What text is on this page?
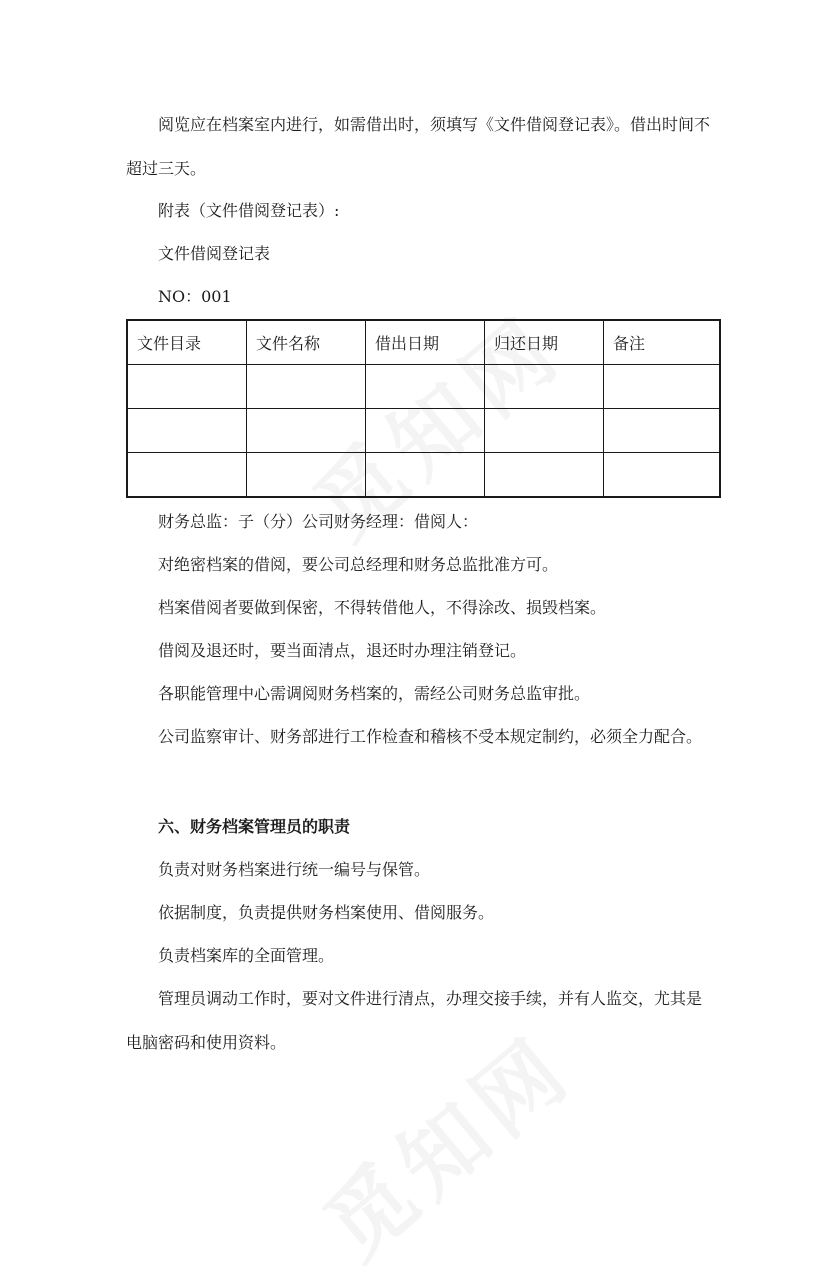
阅览应在档案室内进行，如需借出时，须填写《文件借阅登记表》。借出时间不超过三天。

附表（文件借阅登记表）:

文件借阅登记表

NO：001

文件目录	文件名称	借出日期	归还日期	备注

财务总监：子（分）公司财务经理：借阅人：

对绝密档案的借阅，要公司总经理和财务总监批准方可。

档案借阅者要做到保密，不得转借他人，不得涂改、损毁档案。

借阅及退还时，要当面清点，退还时办理注销登记。

各职能管理中心需调阅财务档案的，需经公司财务总监审批。

公司监察审计、财务部进行工作检查和稽核不受本规定制约，必须全力配合。

六、财务档案管理员的职责

负责对财务档案进行统一编号与保管。

依据制度，负责提供财务档案使用、借阅服务。

负责档案库的全面管理。

管理员调动工作时，要对文件进行清点，办理交接手续，并有人监交，尤其是电脑密码和使用资料。
